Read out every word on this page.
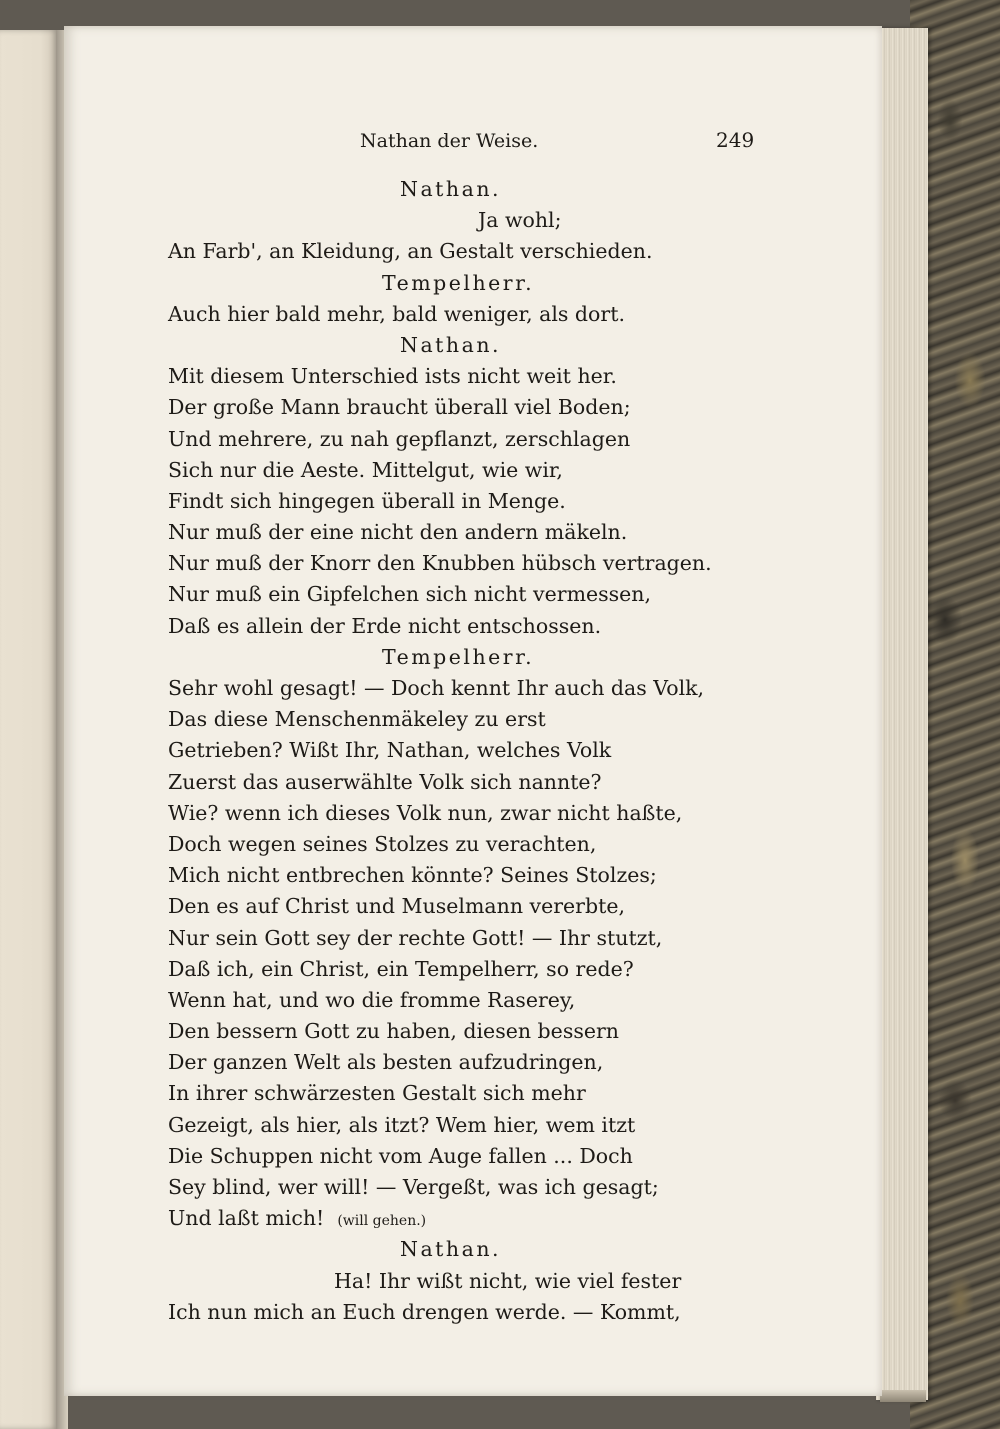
Nathan der Weise.	249
Nathan.
Ja wohl;
An Farb', an Kleidung, an Gestalt verschieden.
Tempelherr.
Auch hier bald mehr, bald weniger, als dort.
Nathan.
Mit diesem Unterschied ists nicht weit her.
Der große Mann braucht überall viel Boden;
Und mehrere, zu nah gepflanzt, zerschlagen
Sich nur die Aeste. Mittelgut, wie wir,
Findt sich hingegen überall in Menge.
Nur muß der eine nicht den andern mäkeln.
Nur muß der Knorr den Knubben hübsch vertragen.
Nur muß ein Gipfelchen sich nicht vermessen,
Daß es allein der Erde nicht entschossen.
Tempelherr.
Sehr wohl gesagt! — Doch kennt Ihr auch das Volk,
Das diese Menschenmäkeley zu erst
Getrieben? Wißt Ihr, Nathan, welches Volk
Zuerst das auserwählte Volk sich nannte?
Wie? wenn ich dieses Volk nun, zwar nicht haßte,
Doch wegen seines Stolzes zu verachten,
Mich nicht entbrechen könnte? Seines Stolzes;
Den es auf Christ und Muselmann vererbte,
Nur sein Gott sey der rechte Gott! — Ihr stutzt,
Daß ich, ein Christ, ein Tempelherr, so rede?
Wenn hat, und wo die fromme Raserey,
Den bessern Gott zu haben, diesen bessern
Der ganzen Welt als besten aufzudringen,
In ihrer schwärzesten Gestalt sich mehr
Gezeigt, als hier, als itzt? Wem hier, wem itzt
Die Schuppen nicht vom Auge fallen ... Doch
Sey blind, wer will! — Vergeßt, was ich gesagt;
Und laßt mich! (will gehen.)
Nathan.
Ha! Ihr wißt nicht, wie viel fester
Ich nun mich an Euch drengen werde. — Kommt,
